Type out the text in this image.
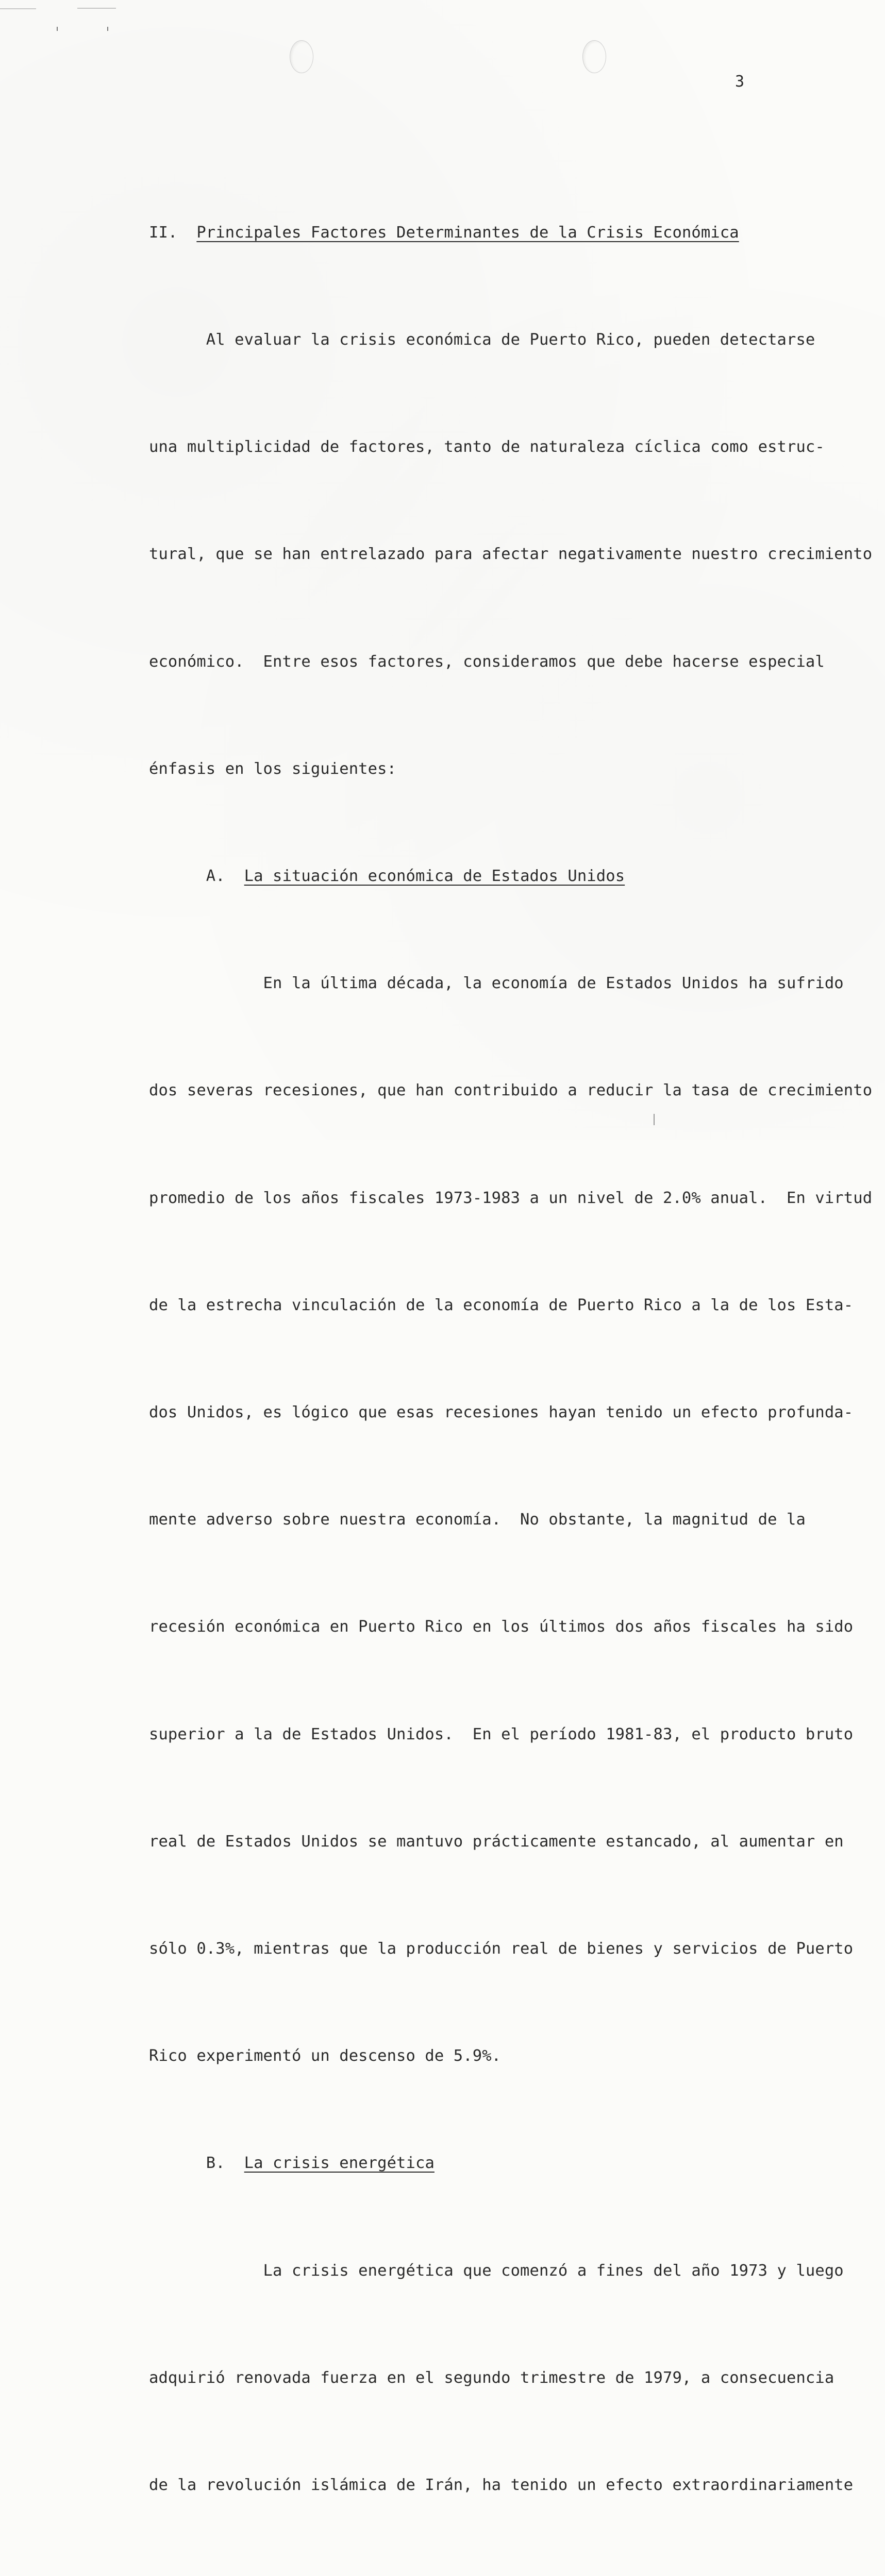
3

II. Principales Factores Determinantes de la Crisis Económica

Al evaluar la crisis económica de Puerto Rico, pueden detectarse

una multiplicidad de factores, tanto de naturaleza cíclica como estruc-

tural, que se han entrelazado para afectar negativamente nuestro crecimiento

económico.  Entre esos factores, consideramos que debe hacerse especial

énfasis en los siguientes:

A. La situación económica de Estados Unidos

En la última década, la economía de Estados Unidos ha sufrido

dos severas recesiones, que han contribuido a reducir la tasa de crecimiento

promedio de los años fiscales 1973-1983 a un nivel de 2.0% anual.  En virtud

de la estrecha vinculación de la economía de Puerto Rico a la de los Esta-

dos Unidos, es lógico que esas recesiones hayan tenido un efecto profunda-

mente adverso sobre nuestra economía.  No obstante, la magnitud de la

recesión económica en Puerto Rico en los últimos dos años fiscales ha sido

superior a la de Estados Unidos.  En el período 1981-83, el producto bruto

real de Estados Unidos se mantuvo prácticamente estancado, al aumentar en

sólo 0.3%, mientras que la producción real de bienes y servicios de Puerto

Rico experimentó un descenso de 5.9%.

B. La crisis energética

La crisis energética que comenzó a fines del año 1973 y luego

adquirió renovada fuerza en el segundo trimestre de 1979, a consecuencia

de la revolución islámica de Irán, ha tenido un efecto extraordinariamente
